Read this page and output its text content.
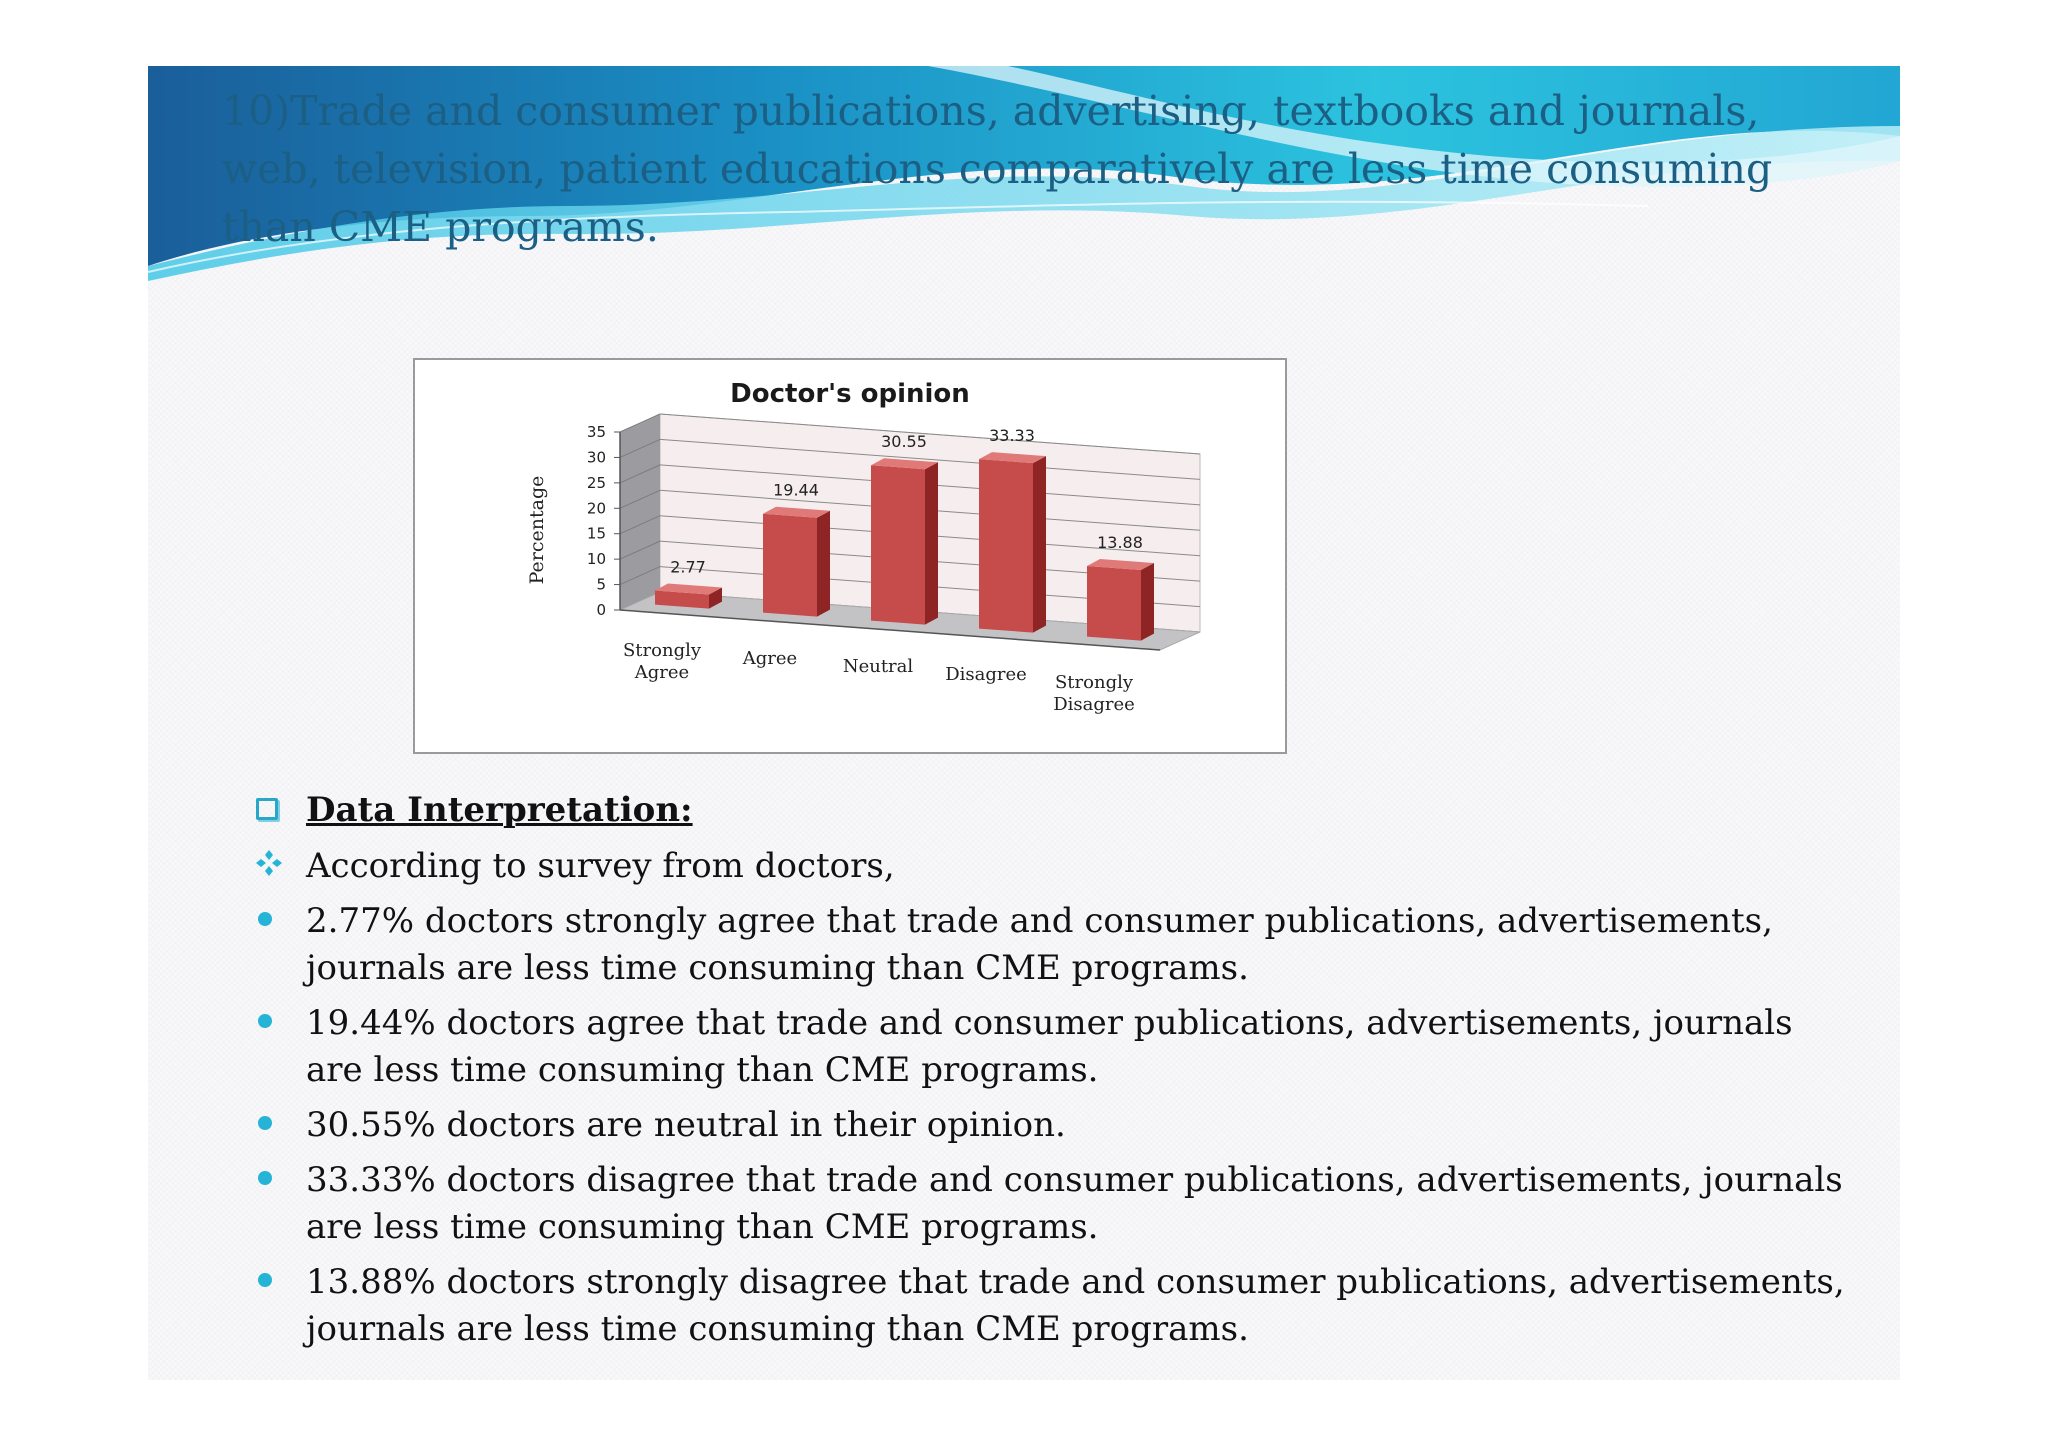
10)Trade and consumer publications, advertising, textbooks and journals, web, television, patient educations comparatively are less time consuming than CME programs.
0
5
10
15
20
25
30
35
Doctor's opinion
Percentage	2.77
Strongly
Agree
19.44
Agree
30.55
Neutral
33.33
Disagree
13.88
Strongly
Disagree
Data Interpretation:

According to survey from doctors,

2.77% doctors strongly agree that trade and consumer publications, advertisements, journals are less time consuming than CME programs.
19.44% doctors agree that trade and consumer publications, advertisements, journals are less time consuming than CME programs.
30.55% doctors are neutral in their opinion.
33.33% doctors disagree that trade and consumer publications, advertisements, journals are less time consuming than CME programs.
13.88% doctors strongly disagree that trade and consumer publications, advertisements, journals are less time consuming than CME programs.
